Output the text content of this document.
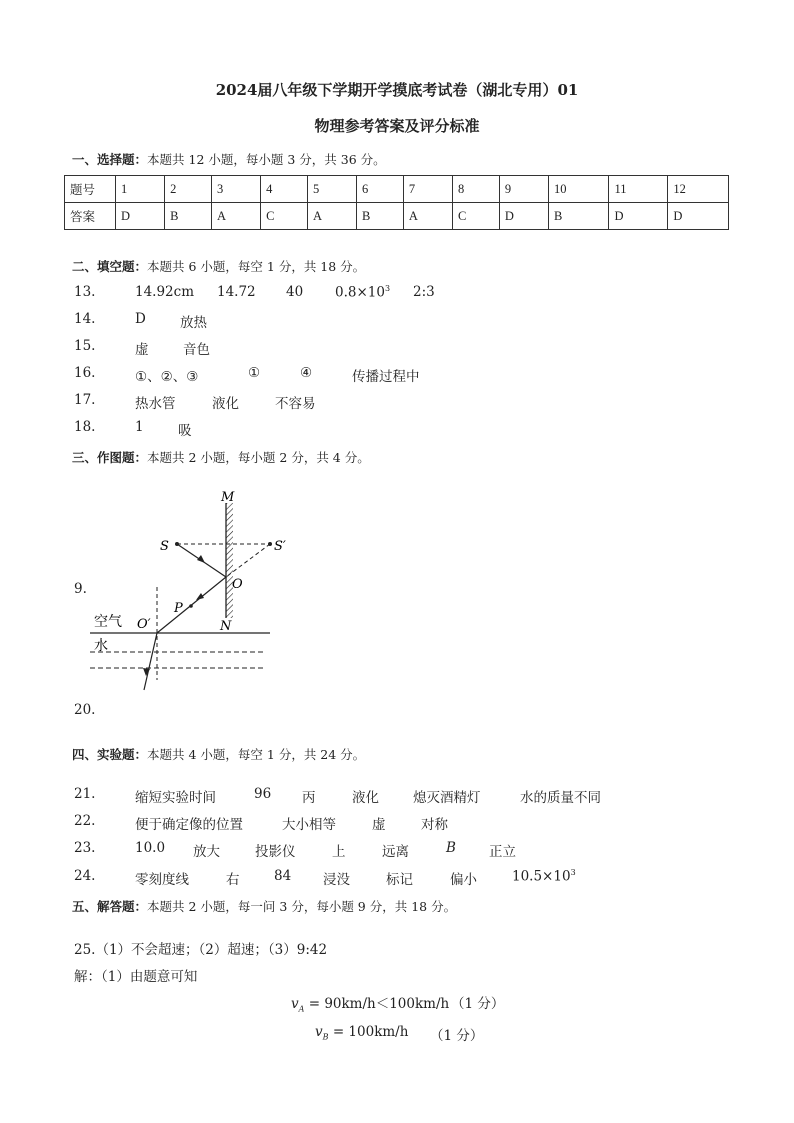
2024届八年级下学期开学摸底考试卷（湖北专用）01
物理参考答案及评分标准
一、选择题：本题共 12 小题，每小题 3 分，共 36 分。
题号	1	2	3	4	5	6	7	8	9	10	11	12
答案	D	B	A	C	A	B	A	C	D	B	D	D
二、填空题：本题共 6 小题，每空 1 分，共 18 分。
13.	14.92cm 14.72 40 $0.8\times 10^3$ 2:3
14.	D	放热
15.	虚	音色
16.	①、②、③	①	④	传播过程中
17.	热水管	液化	不容易
18.	1	吸
三、作图题：本题共 2 小题，每小题 2 分，共 4 分。
9.
M
N
S	S′
O
P
O′
空气
水
20.
四、实验题：本题共 4 小题，每空 1 分，共 24 分。
21.	缩短实验时间	96 丙	液化	熄灭酒精灯	水的质量不同
22.	便于确定像的位置	大小相等	虚	对称
23.	10.0 放大	投影仪	上	远离	B 正立
24.	零刻度线	右	84 浸没	标记	偏小	$10.5\times 10^3$
五、解答题：本题共 2 小题，每一问 3 分，每小题 9 分，共 18 分。
25.（1）不会超速；（2）超速；（3）9:42
解：（1）由题意可知
$v_A = 90km/h<100km/h$ （1 分）
$v_B = 100km/h$ （1 分）
